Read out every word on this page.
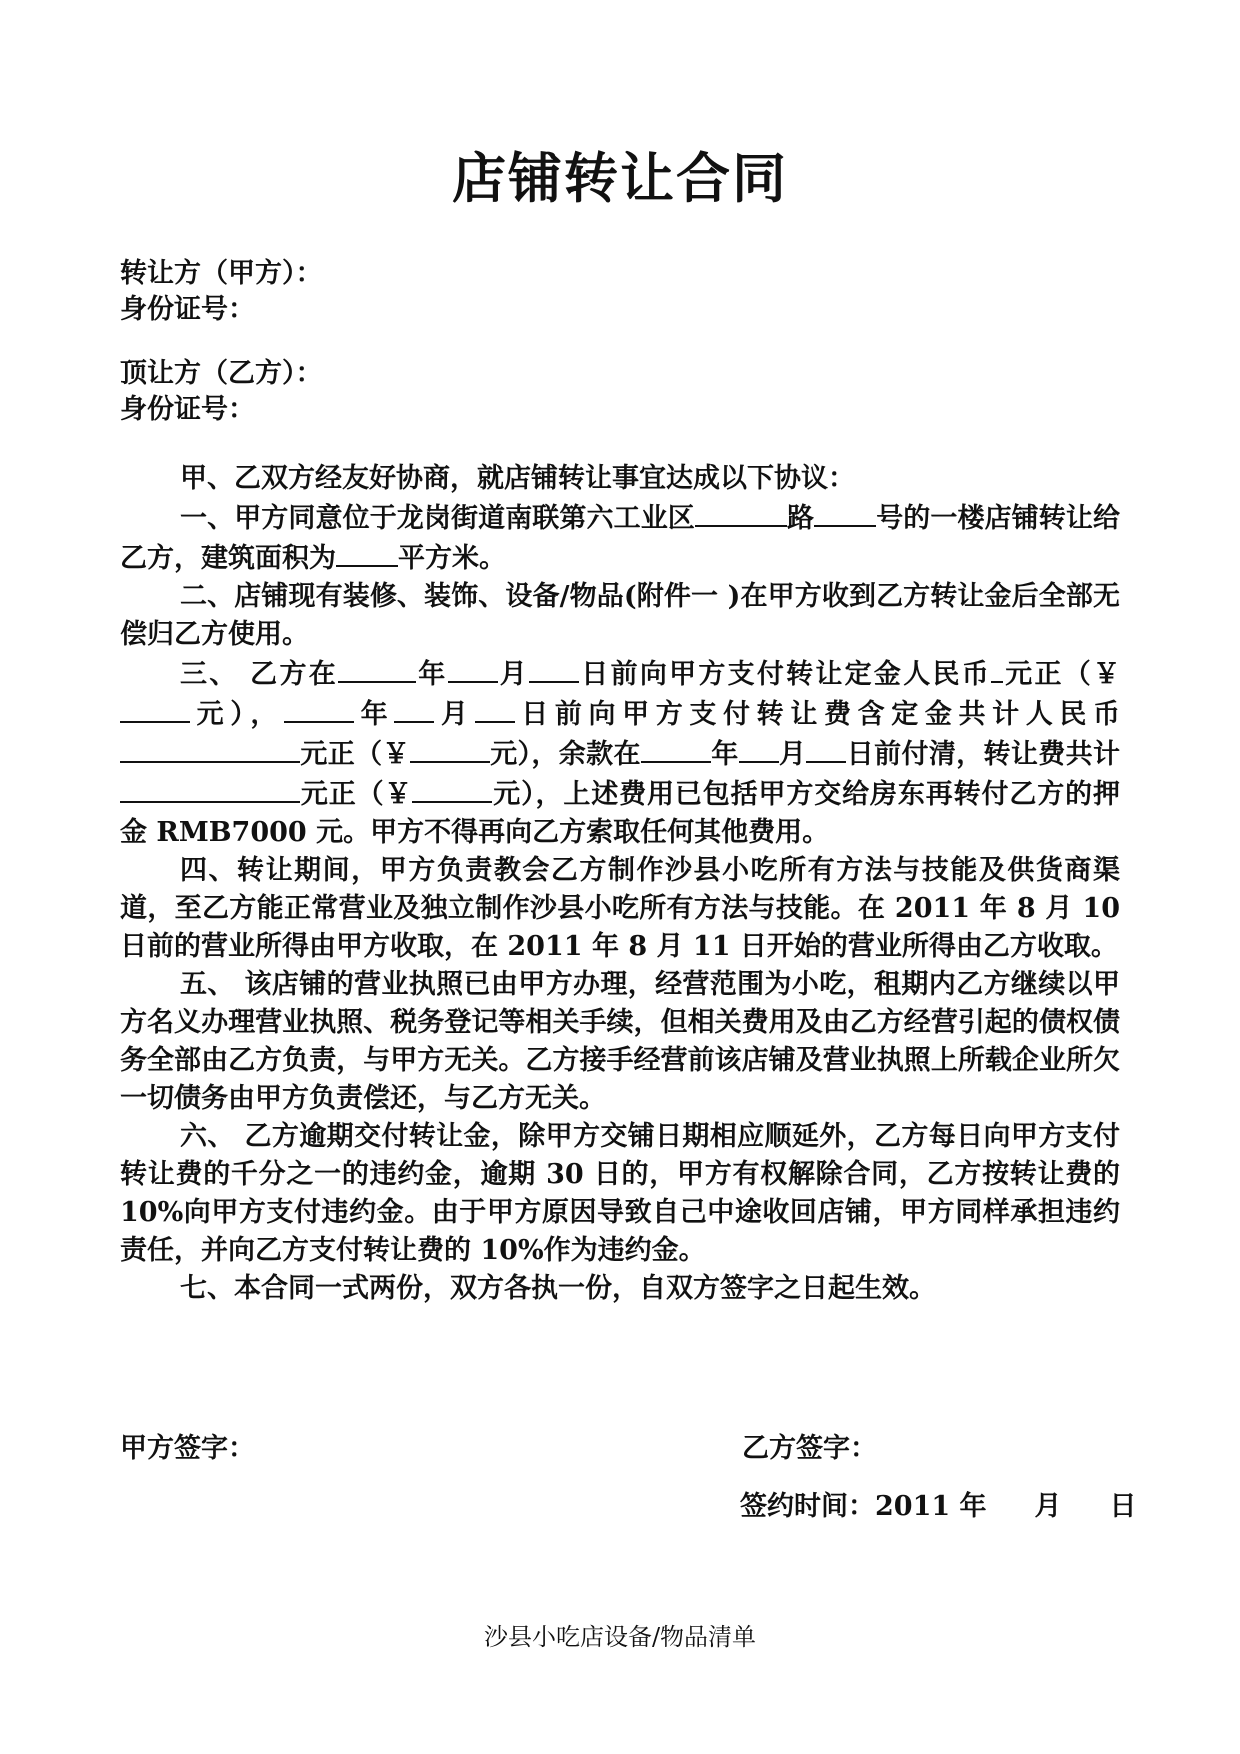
店铺转让合同
转让方（甲方）：
身份证号：
顶让方（乙方）：
身份证号：

甲、乙双方经友好协商，就店铺转让事宜达成以下协议：

一、甲方同意位于龙岗街道南联第六工业区	路 号的一楼店铺转让给乙方，建筑面积为 平方米。

二、店铺现有装修、装饰、设备/物品(附件一 )在甲方收到乙方转让金后全部无偿归乙方使用。

三、 乙方在	年 月 日前向甲方支付转让定金人民币 元正（￥元），	年 月 日前向甲方支付转让费含定金共计人民币元正（￥	元），余款在	年 月 日前付清，转让费共计元正（￥	元），上述费用已包括甲方交给房东再转付乙方的押金 RMB7000 元。甲方不得再向乙方索取任何其他费用。

四、转让期间，甲方负责教会乙方制作沙县小吃所有方法与技能及供货商渠道，至乙方能正常营业及独立制作沙县小吃所有方法与技能。在 2011 年 8 月 10 日前的营业所得由甲方收取，在 2011 年 8 月 11 日开始的营业所得由乙方收取。

五、 该店铺的营业执照已由甲方办理，经营范围为小吃，租期内乙方继续以甲方名义办理营业执照、税务登记等相关手续，但相关费用及由乙方经营引起的债权债务全部由乙方负责，与甲方无关。乙方接手经营前该店铺及营业执照上所载企业所欠一切债务由甲方负责偿还，与乙方无关。

六、 乙方逾期交付转让金，除甲方交铺日期相应顺延外，乙方每日向甲方支付转让费的千分之一的违约金，逾期 30 日的，甲方有权解除合同，乙方按转让费的 10%向甲方支付违约金。由于甲方原因导致自己中途收回店铺，甲方同样承担违约责任，并向乙方支付转让费的 10%作为违约金。

七、本合同一式两份，双方各执一份，自双方签字之日起生效。

甲方签字：	乙方签字：
签约时间：2011 年 月 日
沙县小吃店设备/物品清单
